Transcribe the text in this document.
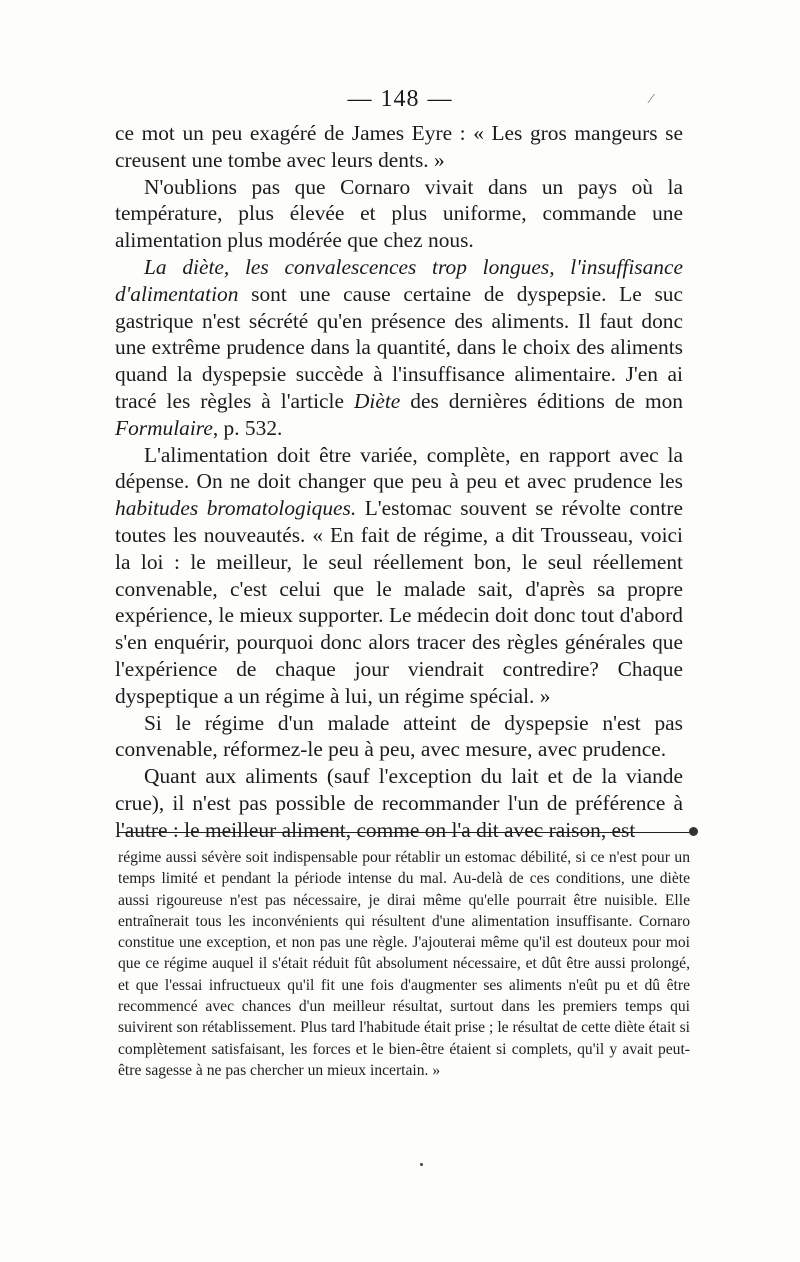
— 148 —	⁄

ce mot un peu exagéré de James Eyre : « Les gros mangeurs se creusent une tombe avec leurs dents. »

N'oublions pas que Cornaro vivait dans un pays où la température, plus élevée et plus uniforme, commande une alimentation plus modérée que chez nous.

La diète, les convalescences trop longues, l'insuffisance d'alimentation sont une cause certaine de dyspepsie. Le suc gastrique n'est sécrété qu'en présence des aliments. Il faut donc une extrême prudence dans la quantité, dans le choix des aliments quand la dyspepsie succède à l'insuffisance alimentaire. J'en ai tracé les règles à l'article Diète des dernières éditions de mon Formulaire, p. 532.

L'alimentation doit être variée, complète, en rapport avec la dépense. On ne doit changer que peu à peu et avec prudence les habitudes bromatologiques. L'estomac souvent se révolte contre toutes les nouveautés. « En fait de régime, a dit Trousseau, voici la loi : le meilleur, le seul réellement bon, le seul réellement convenable, c'est celui que le malade sait, d'après sa propre expérience, le mieux supporter. Le médecin doit donc tout d'abord s'en enquérir, pourquoi donc alors tracer des règles générales que l'expérience de chaque jour viendrait contredire? Chaque dyspeptique a un régime à lui, un régime spécial. »

Si le régime d'un malade atteint de dyspepsie n'est pas convenable, réformez-le peu à peu, avec mesure, avec prudence.

Quant aux aliments (sauf l'exception du lait et de la viande crue), il n'est pas possible de recommander l'un de préférence à l'autre : le meilleur aliment, comme on l'a dit avec raison, est

régime aussi sévère soit indispensable pour rétablir un estomac débilité, si ce n'est pour un temps limité et pendant la période intense du mal. Au-delà de ces conditions, une diète aussi rigoureuse n'est pas nécessaire, je dirai même qu'elle pourrait être nuisible. Elle entraînerait tous les inconvénients qui résultent d'une alimentation insuffisante. Cornaro constitue une exception, et non pas une règle. J'ajouterai même qu'il est douteux pour moi que ce régime auquel il s'était réduit fût absolument nécessaire, et dût être aussi prolongé, et que l'essai infructueux qu'il fit une fois d'augmenter ses aliments n'eût pu et dû être recommencé avec chances d'un meilleur résultat, surtout dans les premiers temps qui suivirent son rétablissement. Plus tard l'habitude était prise ; le résultat de cette diète était si complètement satisfaisant, les forces et le bien-être étaient si complets, qu'il y avait peut-être sagesse à ne pas chercher un mieux incertain. »
